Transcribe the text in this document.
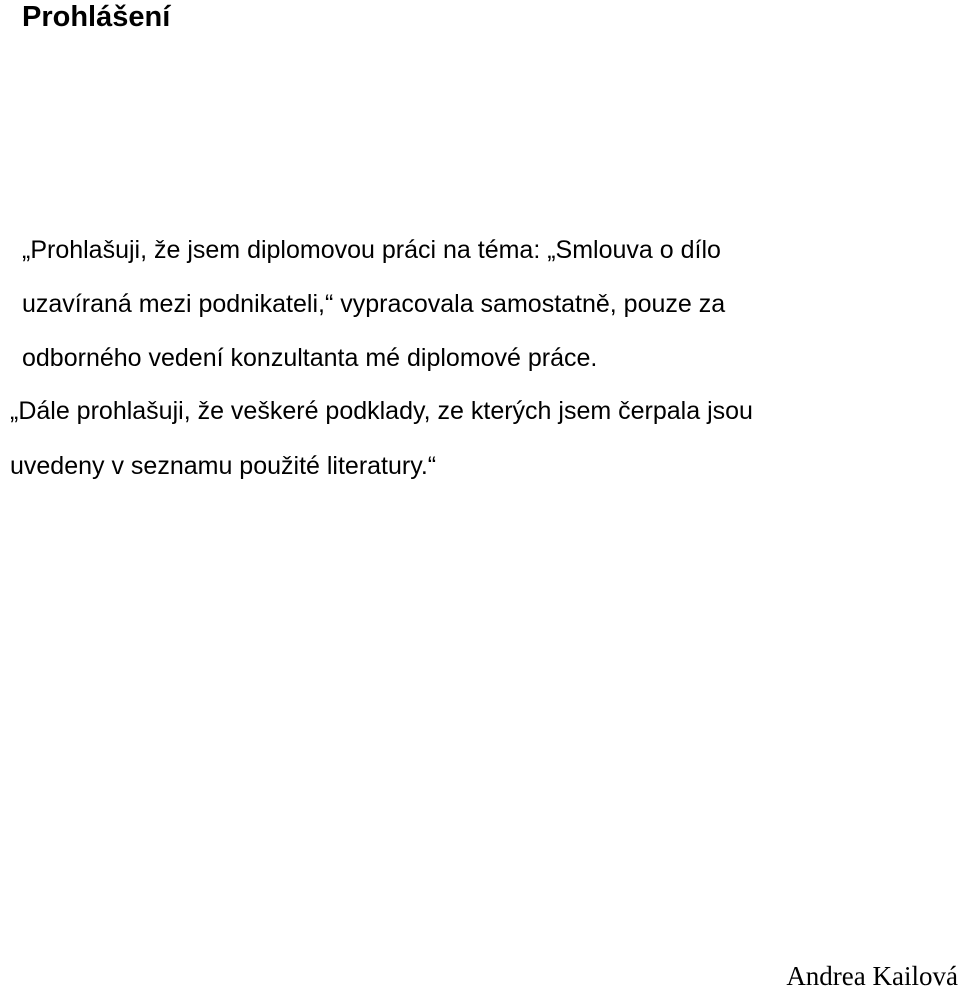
Prohlášení

„Prohlašuji, že jsem diplomovou práci na téma: „Smlouva o dílo

uzavíraná mezi podnikateli,“ vypracovala samostatně, pouze za

odborného vedení konzultanta mé diplomové práce.

„Dále prohlašuji, že veškeré podklady, ze kterých jsem čerpala jsou

uvedeny v seznamu použité literatury.“

Andrea Kailová
